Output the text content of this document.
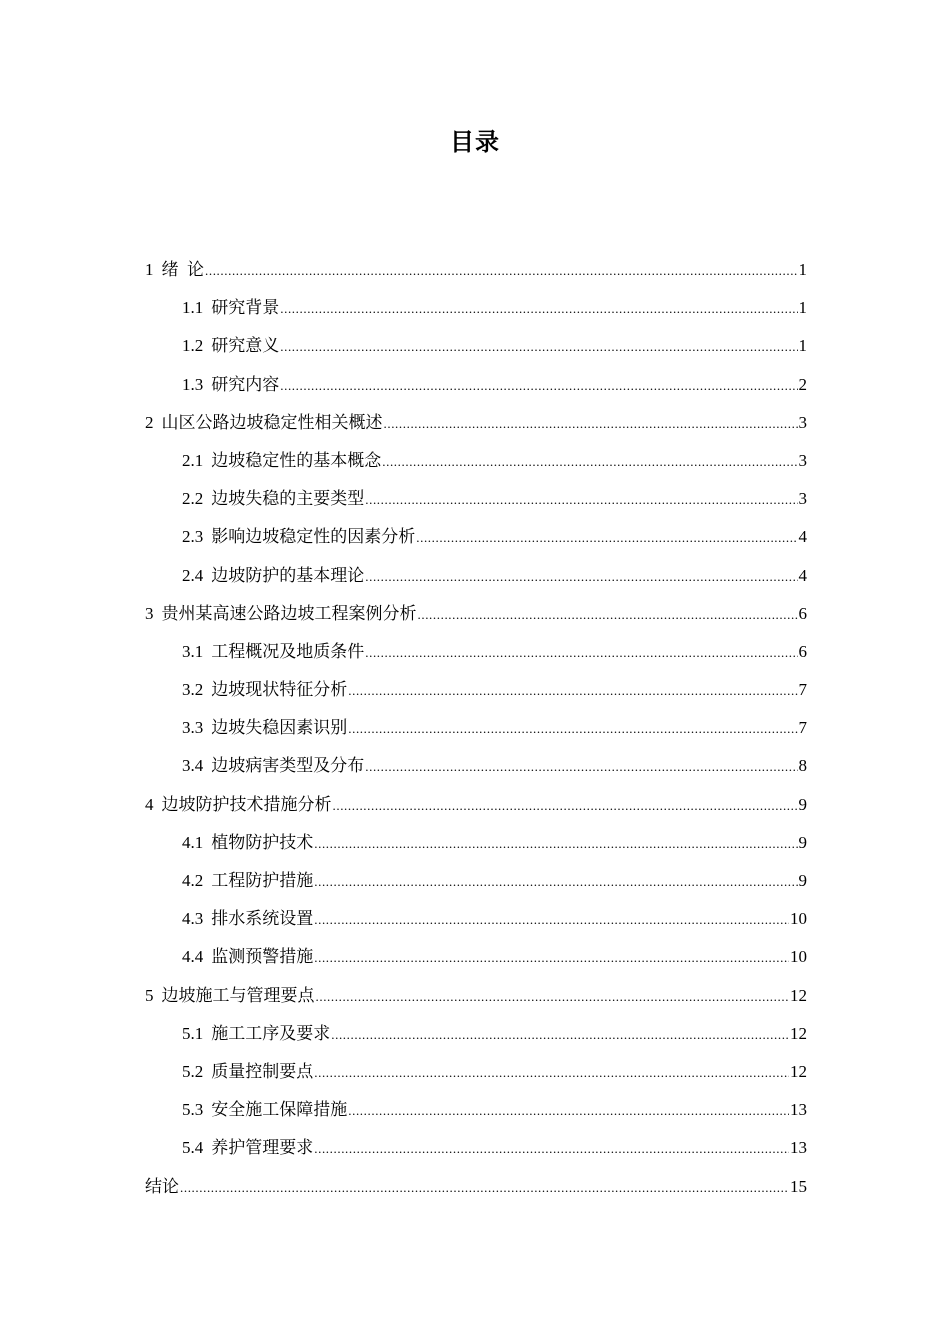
目录
1 绪  论 .....	1
1.1 研究背景 .....	1
1.2 研究意义 .....	1
1.3 研究内容 .....	2
2 山区公路边坡稳定性相关概述 .....	3
2.1 边坡稳定性的基本概念 .....	3
2.2 边坡失稳的主要类型 .....	3
2.3 影响边坡稳定性的因素分析 .....	4
2.4 边坡防护的基本理论 .....	4
3 贵州某高速公路边坡工程案例分析 .....	6
3.1 工程概况及地质条件 .....	6
3.2 边坡现状特征分析 .....	7
3.3 边坡失稳因素识别 .....	7
3.4 边坡病害类型及分布 .....	8
4 边坡防护技术措施分析 .....	9
4.1 植物防护技术 .....	9
4.2 工程防护措施 .....	9
4.3 排水系统设置 .....	10
4.4 监测预警措施 .....	10
5 边坡施工与管理要点 .....	12
5.1 施工工序及要求 .....	12
5.2 质量控制要点 .....	12
5.3 安全施工保障措施 .....	13
5.4 养护管理要求 .....	13
结论 .....	15
